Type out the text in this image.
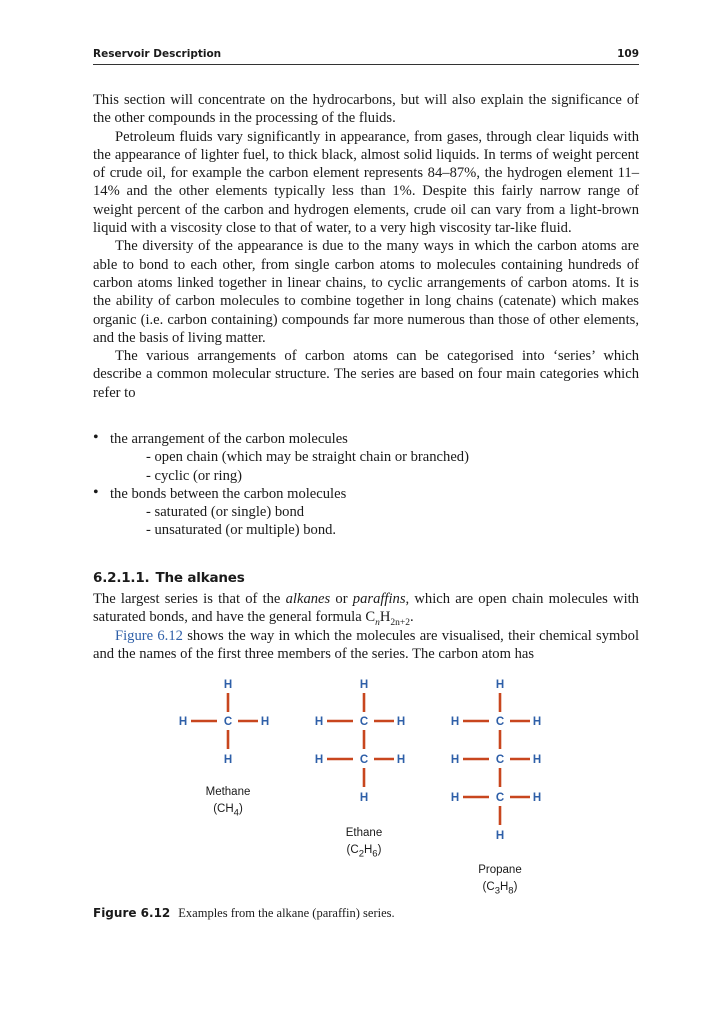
Reservoir Description	109

This section will concentrate on the hydrocarbons, but will also explain the significance of the other compounds in the processing of the fluids.

Petroleum fluids vary significantly in appearance, from gases, through clear liquids with the appearance of lighter fuel, to thick black, almost solid liquids. In terms of weight percent of crude oil, for example the carbon element represents 84–87%, the hydrogen element 11–14% and the other elements typically less than 1%. Despite this fairly narrow range of weight percent of the carbon and hydrogen elements, crude oil can vary from a light-brown liquid with a viscosity close to that of water, to a very high viscosity tar-like fluid.

The diversity of the appearance is due to the many ways in which the carbon atoms are able to bond to each other, from single carbon atoms to molecules containing hundreds of carbon atoms linked together in linear chains, to cyclic arrangements of carbon atoms. It is the ability of carbon molecules to combine together in long chains (catenate) which makes organic (i.e. carbon containing) compounds far more numerous than those of other elements, and the basis of living matter.

The various arrangements of carbon atoms can be categorised into ‘series’ which describe a common molecular structure. The series are based on four main categories which refer to

• the arrangement of the carbon molecules
- open chain (which may be straight chain or branched)
- cyclic (or ring)
• the bonds between the carbon molecules
- saturated (or single) bond
- unsaturated (or multiple) bond.
6.2.1.1. The alkanes

The largest series is that of the alkanes or paraffins, which are open chain molecules with saturated bonds, and have the general formula $C_nH_{2n+2}$.

Figure 6.12 shows the way in which the molecules are visualised, their chemical symbol and the names of the first three members of the series. The carbon atom has

H
C
H	H
H
H
C
H	H
C
H	H
H
H
C
H	H
C
H	H
C
H	H
H
Methane
$(CH_4)$
Ethane
$(C_2H_6)$
Propane
$(C_3H_8)$
Figure 6.12 Examples from the alkane (paraffin) series.
